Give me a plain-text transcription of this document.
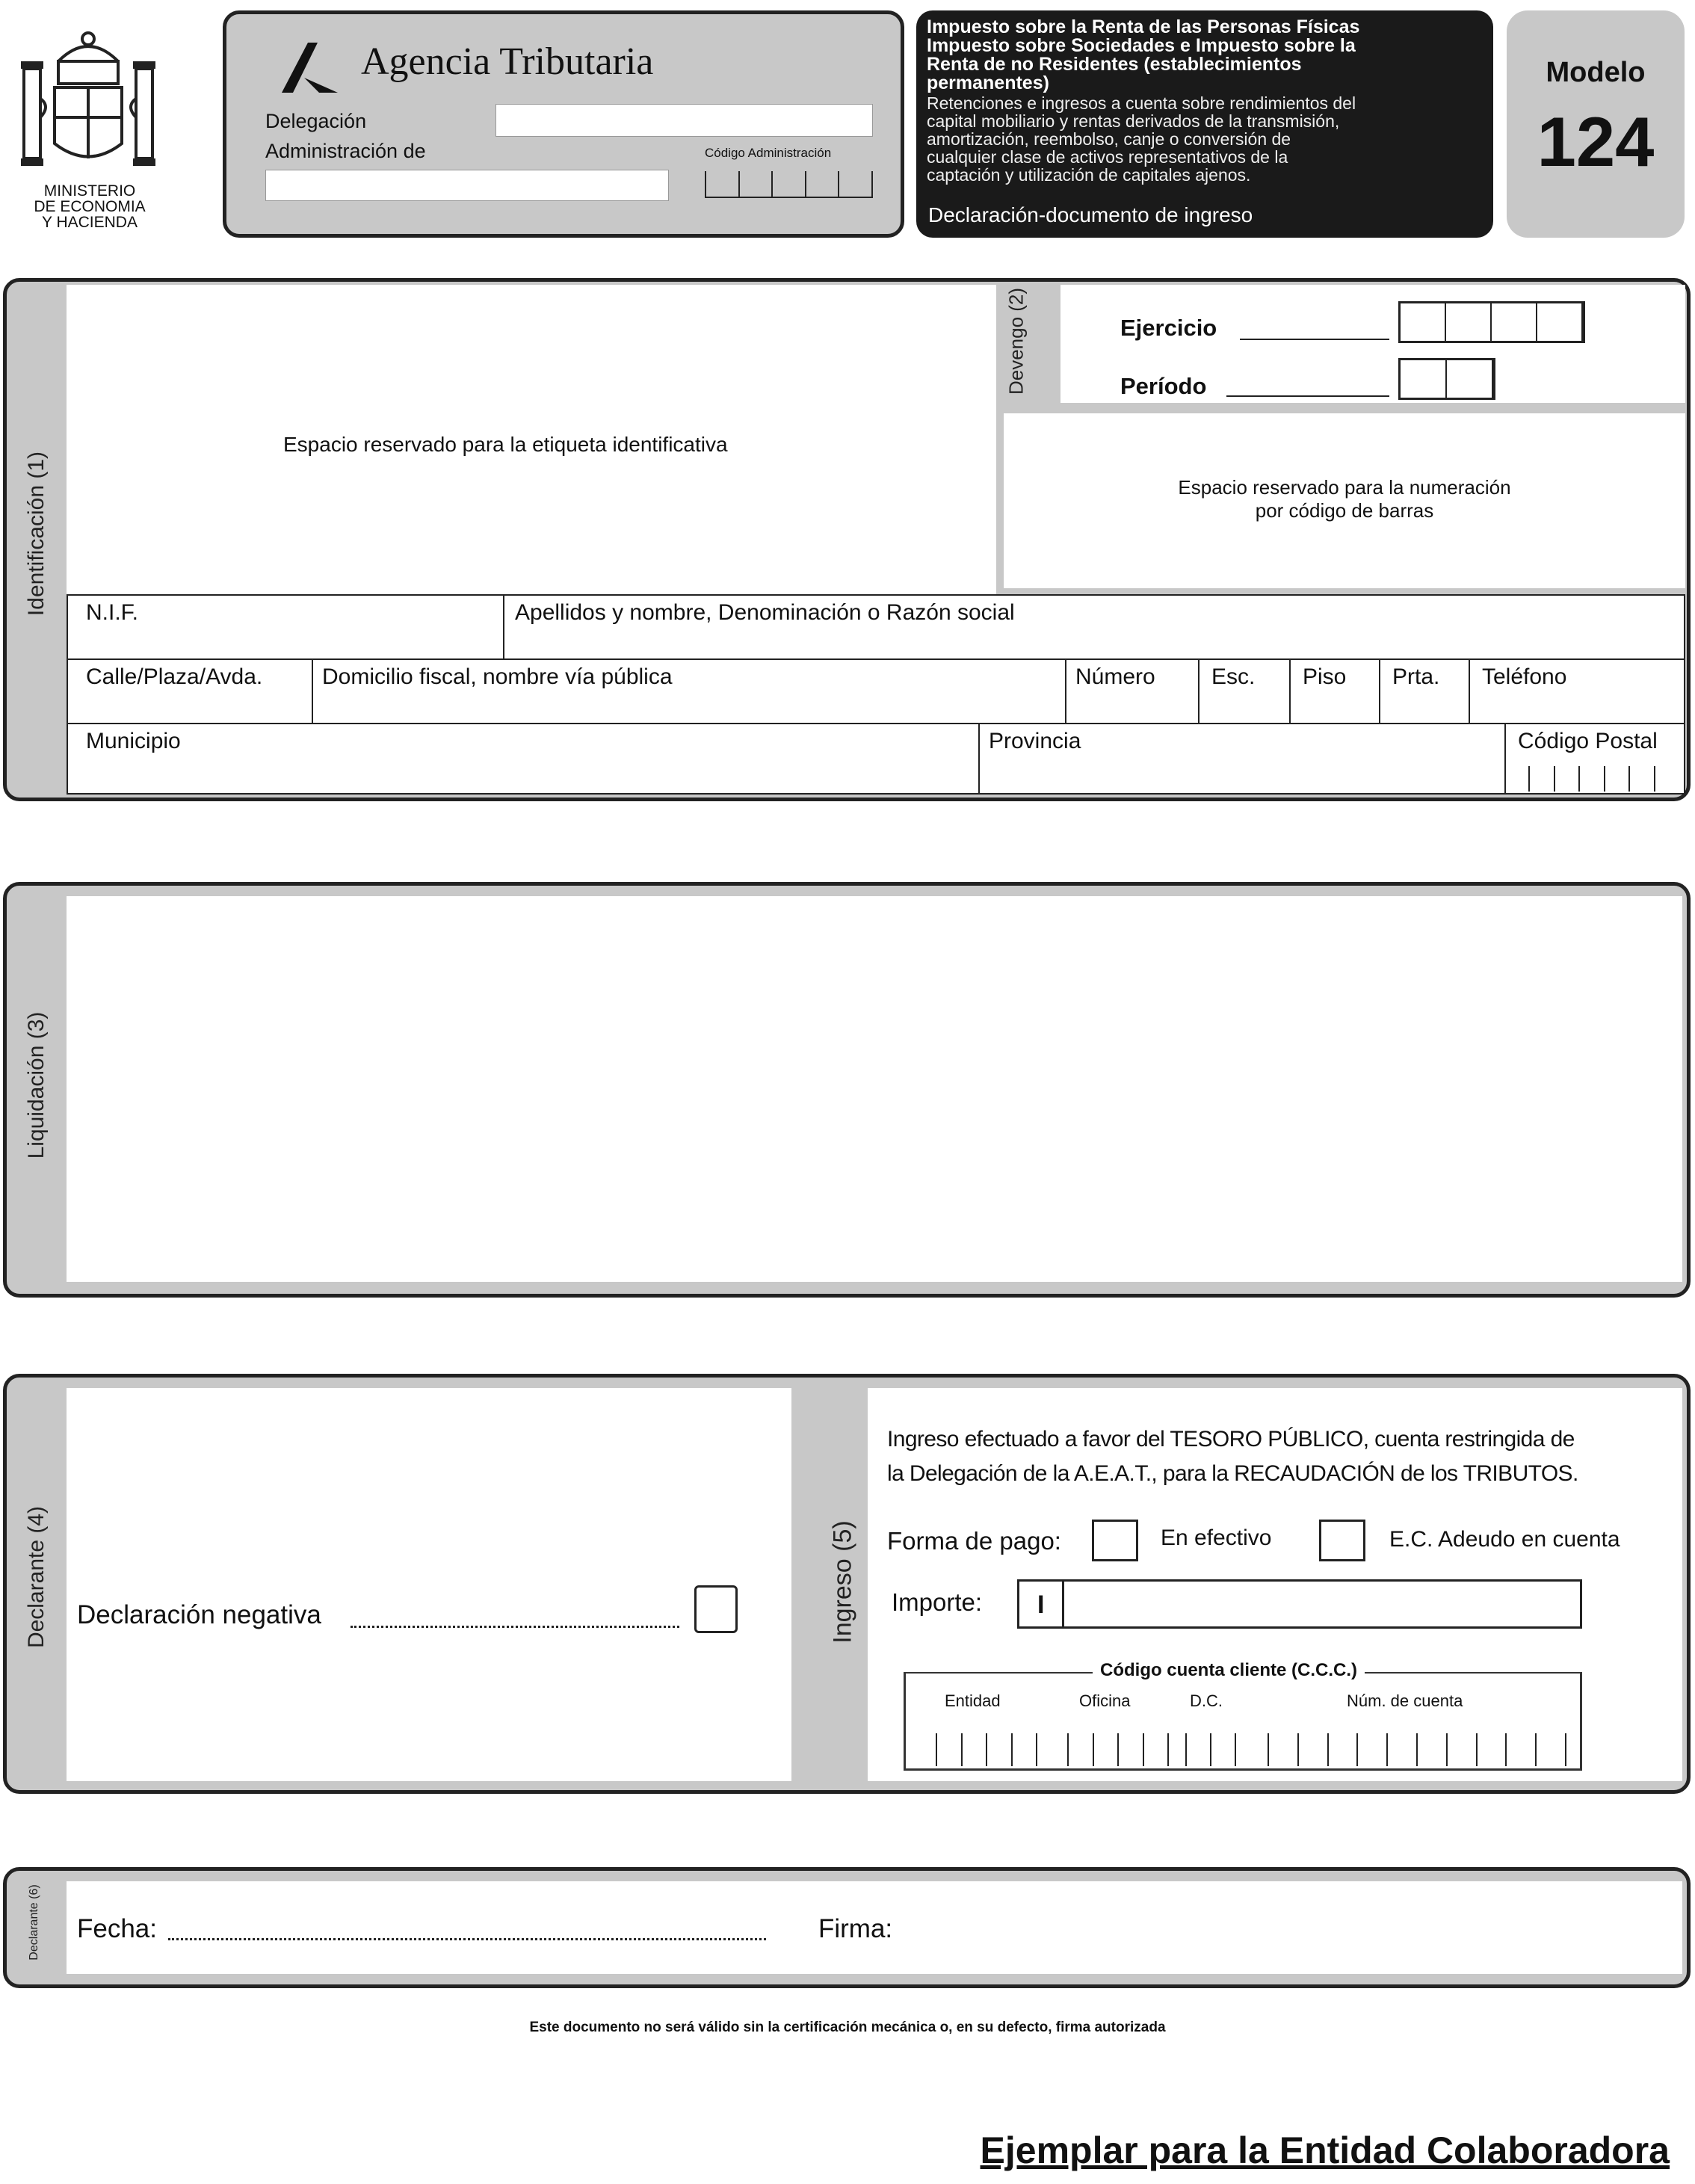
MINISTERIO
DE ECONOMIA
Y HACIENDA
Agencia Tributaria
Delegación
Administración de	Código Administración
Impuesto sobre la Renta de las Personas Físicas
Impuesto sobre Sociedades e Impuesto sobre la
Renta de no Residentes (establecimientos
permanentes)
Retenciones e ingresos a cuenta sobre rendimientos del
capital mobiliario y rentas derivados de la transmisión,
amortización, reembolso, canje o conversión de
cualquier clase de activos representativos de la
captación y utilización de capitales ajenos.
Declaración-documento de ingreso
Modelo
124
Identificación (1)
Espacio reservado para la etiqueta identificativa
Devengo (2)	Ejercicio
Período
Espacio reservado para la numeración
por código de barras
N.I.F.	Apellidos y nombre, Denominación o Razón social
Calle/Plaza/Avda.	Domicilio fiscal, nombre vía pública	Número	Esc. Piso Prta. Teléfono
Municipio	Provincia	Código Postal
Liquidación (3)
Declarante (4) Declaración negativa	Ingreso (5)
Ingreso efectuado a favor del TESORO PÚBLICO, cuenta restringida de
la Delegación de la A.E.A.T., para la RECAUDACIÓN de los TRIBUTOS.
Forma de pago:	En efectivo	E.C. Adeudo en cuenta
Importe: I
Código cuenta cliente (C.C.C.)
Entidad	Oficina	D.C.	Núm. de cuenta
Declarante (6) Fecha:	Firma:
Este documento no será válido sin la certificación mecánica o, en su defecto, firma autorizada
Ejemplar para la Entidad Colaboradora
